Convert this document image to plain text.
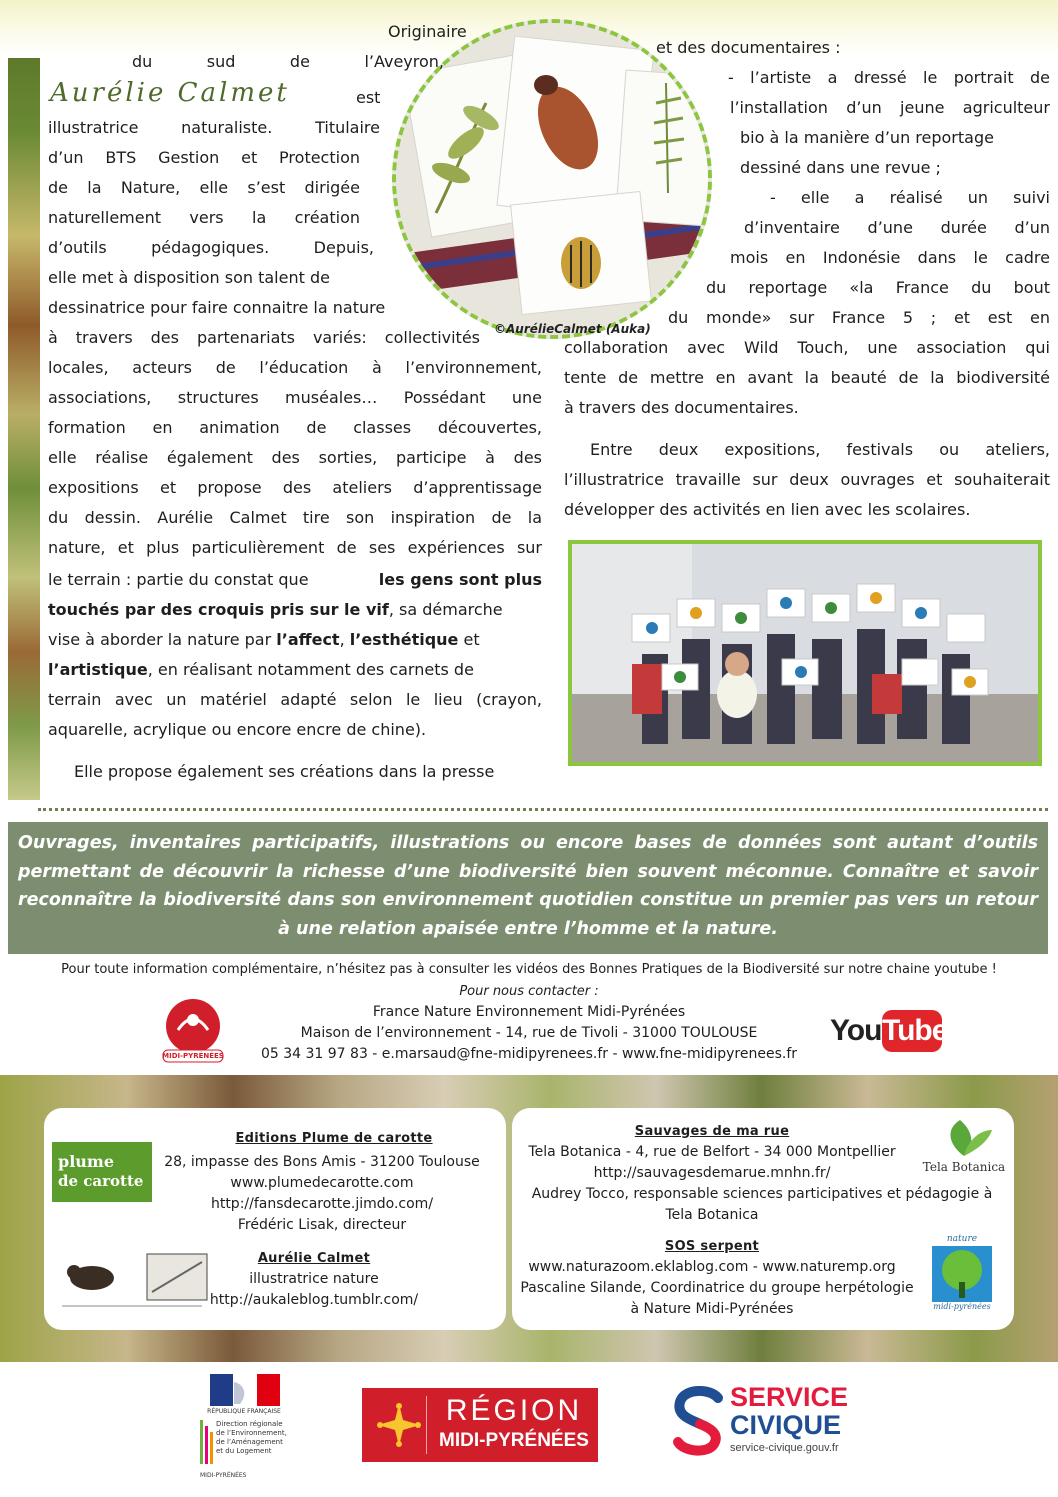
©AurélieCalmet (Auka)
Originaire
du sud de l’Aveyron,
Aurélie Calmet	est
illustratrice naturaliste. Titulaire
d’un BTS Gestion et Protection
de la Nature, elle s’est dirigée
naturellement vers la création
d’outils pédagogiques. Depuis,
elle met à disposition son talent de
dessinatrice pour faire connaitre la nature
à travers des partenariats variés: collectivités
locales, acteurs de l’éducation à l’environnement,
associations, structures muséales… Possédant une
formation en animation de classes découvertes,
elle réalise également des sorties, participe à des
expositions et propose des ateliers d’apprentissage
du dessin. Aurélie Calmet tire son inspiration de la
nature, et plus particulièrement de ses expériences sur
le terrain : partie du constat que	les gens sont plus
touchés par des croquis pris sur le vif , sa démarche
vise à aborder la nature par l’affect, l’esthétique et
l’artistique , en réalisant notamment des carnets de
terrain avec un matériel adapté selon le lieu (crayon,
aquarelle, acrylique ou encore encre de chine).
Elle propose également ses créations dans la presse
et des documentaires :
- l’artiste a dressé le portrait de
l’installation d’un jeune agriculteur
bio à la manière d’un reportage
dessiné dans une revue ;
- elle a réalisé un suivi
d’inventaire d’une durée d’un
mois en Indonésie dans le cadre
du reportage «la France du bout
du monde» sur France 5 ; et est en
collaboration avec Wild Touch, une association qui
tente de mettre en avant la beauté de la biodiversité
à travers des documentaires.
Entre deux expositions, festivals ou ateliers,
l’illustratrice travaille sur deux ouvrages et souhaiterait
développer des activités en lien avec les scolaires.
Ouvrages, inventaires participatifs, illustrations ou encore bases de données sont autant d’outils permettant de découvrir la richesse d’une biodiversité bien souvent méconnue. Connaître et savoir reconnaître la biodiversité dans son environnement quotidien constitue un premier pas vers un retour à une relation apaisée entre l’homme et la nature.
Pour toute information complémentaire, n’hésitez pas à consulter les vidéos des Bonnes Pratiques de la Biodiversité sur notre chaine youtube !
Pour nous contacter :
France Nature Environnement Midi-Pyrénées
Maison de l’environnement - 14, rue de Tivoli - 31000 TOULOUSE
05 34 31 97 83 - e.marsaud@fne-midipyrenees.fr - www.fne-midipyrenees.fr
MIDI-PYRÉNÉES
You Tube
plume
de carotte
Editions Plume de carotte
28, impasse des Bons Amis - 31200 Toulouse
www.plumedecarotte.com
http://fansdecarotte.jimdo.com/
Frédéric Lisak, directeur
Aurélie Calmet
illustratrice nature
http://aukaleblog.tumblr.com/
Sauvages de ma rue
Tela Botanica - 4, rue de Belfort - 34 000 Montpellier
http://sauvagesdemarue.mnhn.fr/
Audrey Tocco, responsable sciences participatives et pédagogie à
Tela Botanica
Tela Botanica
SOS serpent
www.naturazoom.eklablog.com - www.naturemp.org
Pascaline Silande, Coordinatrice du groupe herpétologie
à Nature Midi-Pyrénées
nature
midi-pyrénées
RÉPUBLIQUE FRANÇAISE
Direction régionale
de l’Environnement,
de l’Aménagement
et du Logement
MIDI-PYRÉNÉES
RÉGION
MIDI-PYRÉNÉES
SERVICE
CIVIQUE
service-civique.gouv.fr
